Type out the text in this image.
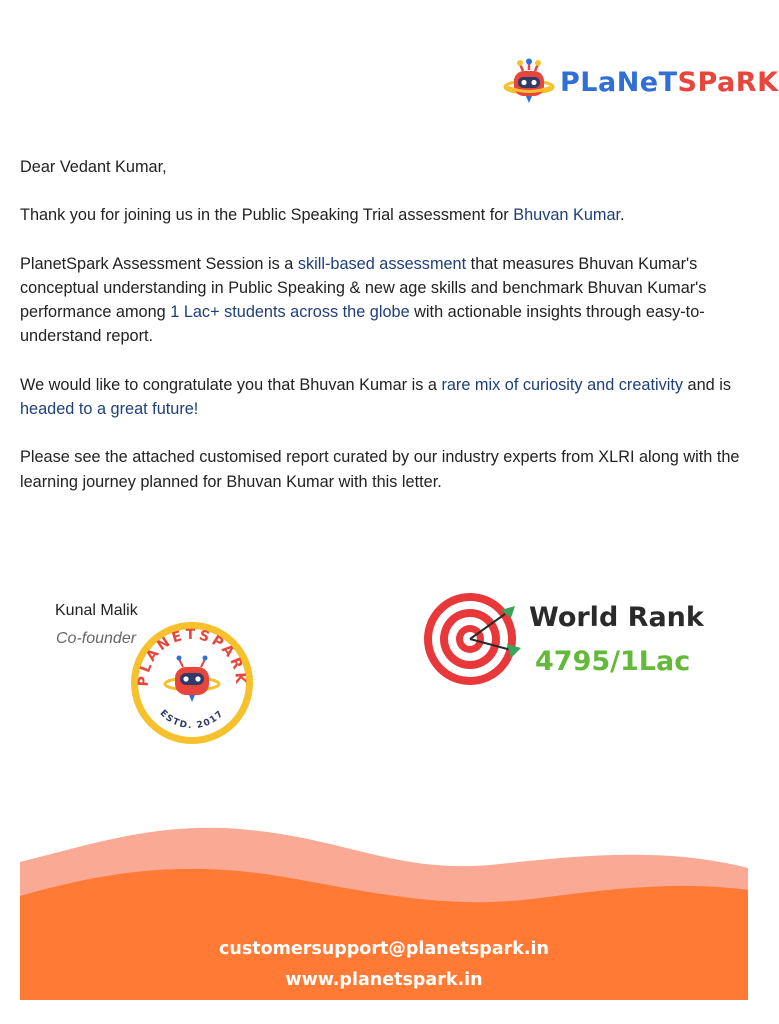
PLaNeTSPaRK

Dear Vedant Kumar,

Thank you for joining us in the Public Speaking Trial assessment for Bhuvan Kumar.

PlanetSpark Assessment Session is a skill-based assessment that measures Bhuvan Kumar's conceptual understanding in Public Speaking & new age skills and benchmark Bhuvan Kumar's performance among 1 Lac+ students across the globe with actionable insights through easy-to-understand report.

We would like to congratulate you that Bhuvan Kumar is a rare mix of curiosity and creativity and is headed to a great future!

Please see the attached customised report curated by our industry experts from XLRI along with the learning journey planned for Bhuvan Kumar with this letter.

Kunal Malik
Co-founder
PLANETSPARK
ESTD. 2017
World Rank
4795/1Lac
customersupport@planetspark.in
www.planetspark.in
